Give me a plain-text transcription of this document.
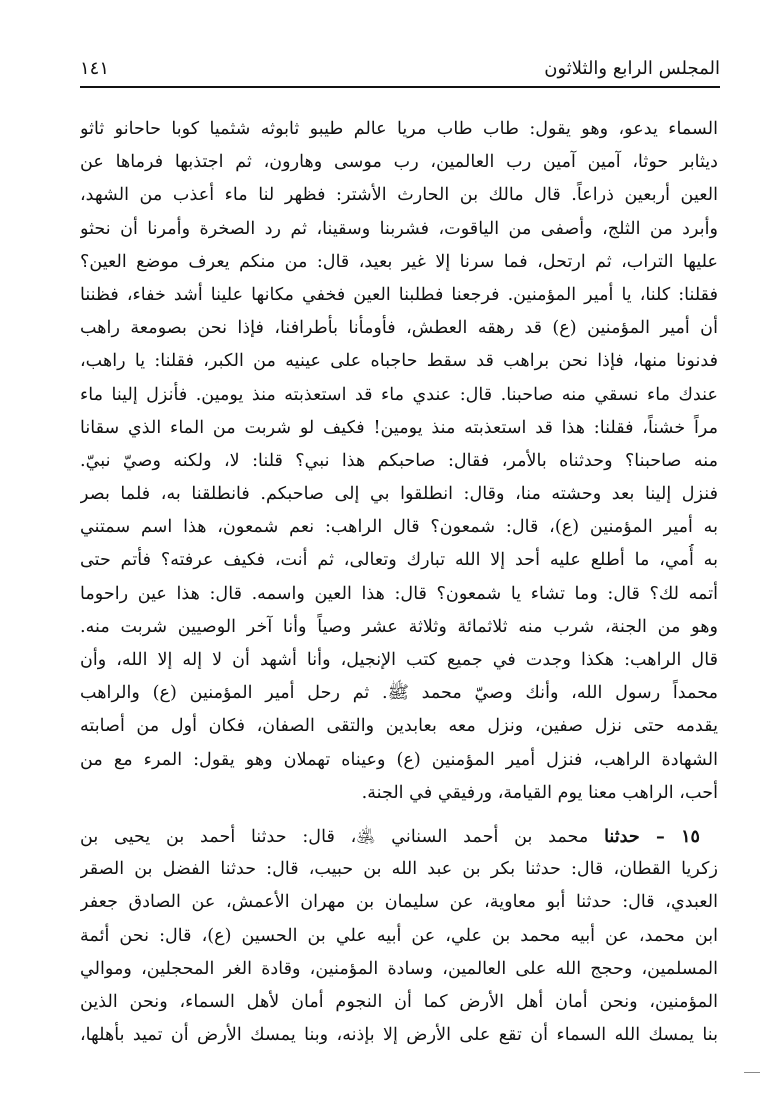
المجلس الرابع والثلاثون
١٤١
السماء يدعو، وهو يقول: طاب طاب مريا عالم طيبو ثابوثه شثميا كوبا حاحانو ثاثو
ديثابر حوثا، آمين آمين رب العالمين، رب موسى وهارون، ثم اجتذبها فرماها عن
العين أربعين ذراعاً. قال مالك بن الحارث الأشتر: فظهر لنا ماء أعذب من الشهد،
وأبرد من الثلج، وأصفى من الياقوت، فشربنا وسقينا، ثم رد الصخرة وأمرنا أن نحثو
عليها التراب، ثم ارتحل، فما سرنا إلا غير بعيد، قال: من منكم يعرف موضع العين؟
فقلنا: كلنا، يا أمير المؤمنين. فرجعنا فطلبنا العين فخفي مكانها علينا أشد خفاء، فظننا
أن أمير المؤمنين (ع) قد رهقه العطش، فأومأنا بأطرافنا، فإذا نحن بصومعة راهب
فدنونا منها، فإذا نحن براهب قد سقط حاجباه على عينيه من الكبر، فقلنا: يا راهب،
عندك ماء نسقي منه صاحبنا. قال: عندي ماء قد استعذبته منذ يومين. فأنزل إلينا ماء
مراً خشناً، فقلنا: هذا قد استعذبته منذ يومين! فكيف لو شربت من الماء الذي سقانا
منه صاحبنا؟ وحدثناه بالأمر، فقال: صاحبكم هذا نبي؟ قلنا: لا، ولكنه وصيّ نبيّ.
فنزل إلينا بعد وحشته منا، وقال: انطلقوا بي إلى صاحبكم. فانطلقنا به، فلما بصر
به أمير المؤمنين (ع)، قال: شمعون؟ قال الراهب: نعم شمعون، هذا اسم سمتني
به أُمي، ما أطلع عليه أحد إلا الله تبارك وتعالى، ثم أنت، فكيف عرفته؟ فأتم حتى
أتمه لك؟ قال: وما تشاء يا شمعون؟ قال: هذا العين واسمه. قال: هذا عين راحوما
وهو من الجنة، شرب منه ثلاثمائة وثلاثة عشر وصياً وأنا آخر الوصيين شربت منه.
قال الراهب: هكذا وجدت في جميع كتب الإنجيل، وأنا أشهد أن لا إله إلا الله، وأن
محمداً رسول الله، وأنك وصيّ محمد ﷺ. ثم رحل أمير المؤمنين (ع) والراهب
يقدمه حتى نزل صفين، ونزل معه بعابدين والتقى الصفان، فكان أول من أصابته
الشهادة الراهب، فنزل أمير المؤمنين (ع) وعيناه تهملان وهو يقول: المرء مع من
أحب، الراهب معنا يوم القيامة، ورفيقي في الجنة.
١٥ – حدثنا محمد بن أحمد السناني ﵁، قال: حدثنا أحمد بن يحيى بن
زكريا القطان، قال: حدثنا بكر بن عبد الله بن حبيب، قال: حدثنا الفضل بن الصقر
العبدي، قال: حدثنا أبو معاوية، عن سليمان بن مهران الأعمش، عن الصادق جعفر
ابن محمد، عن أبيه محمد بن علي، عن أبيه علي بن الحسين (ع)، قال: نحن أئمة
المسلمين، وحجج الله على العالمين، وسادة المؤمنين، وقادة الغر المحجلين، وموالي
المؤمنين، ونحن أمان أهل الأرض كما أن النجوم أمان لأهل السماء، ونحن الذين
بنا يمسك الله السماء أن تقع على الأرض إلا بإذنه، وبنا يمسك الأرض أن تميد بأهلها،
